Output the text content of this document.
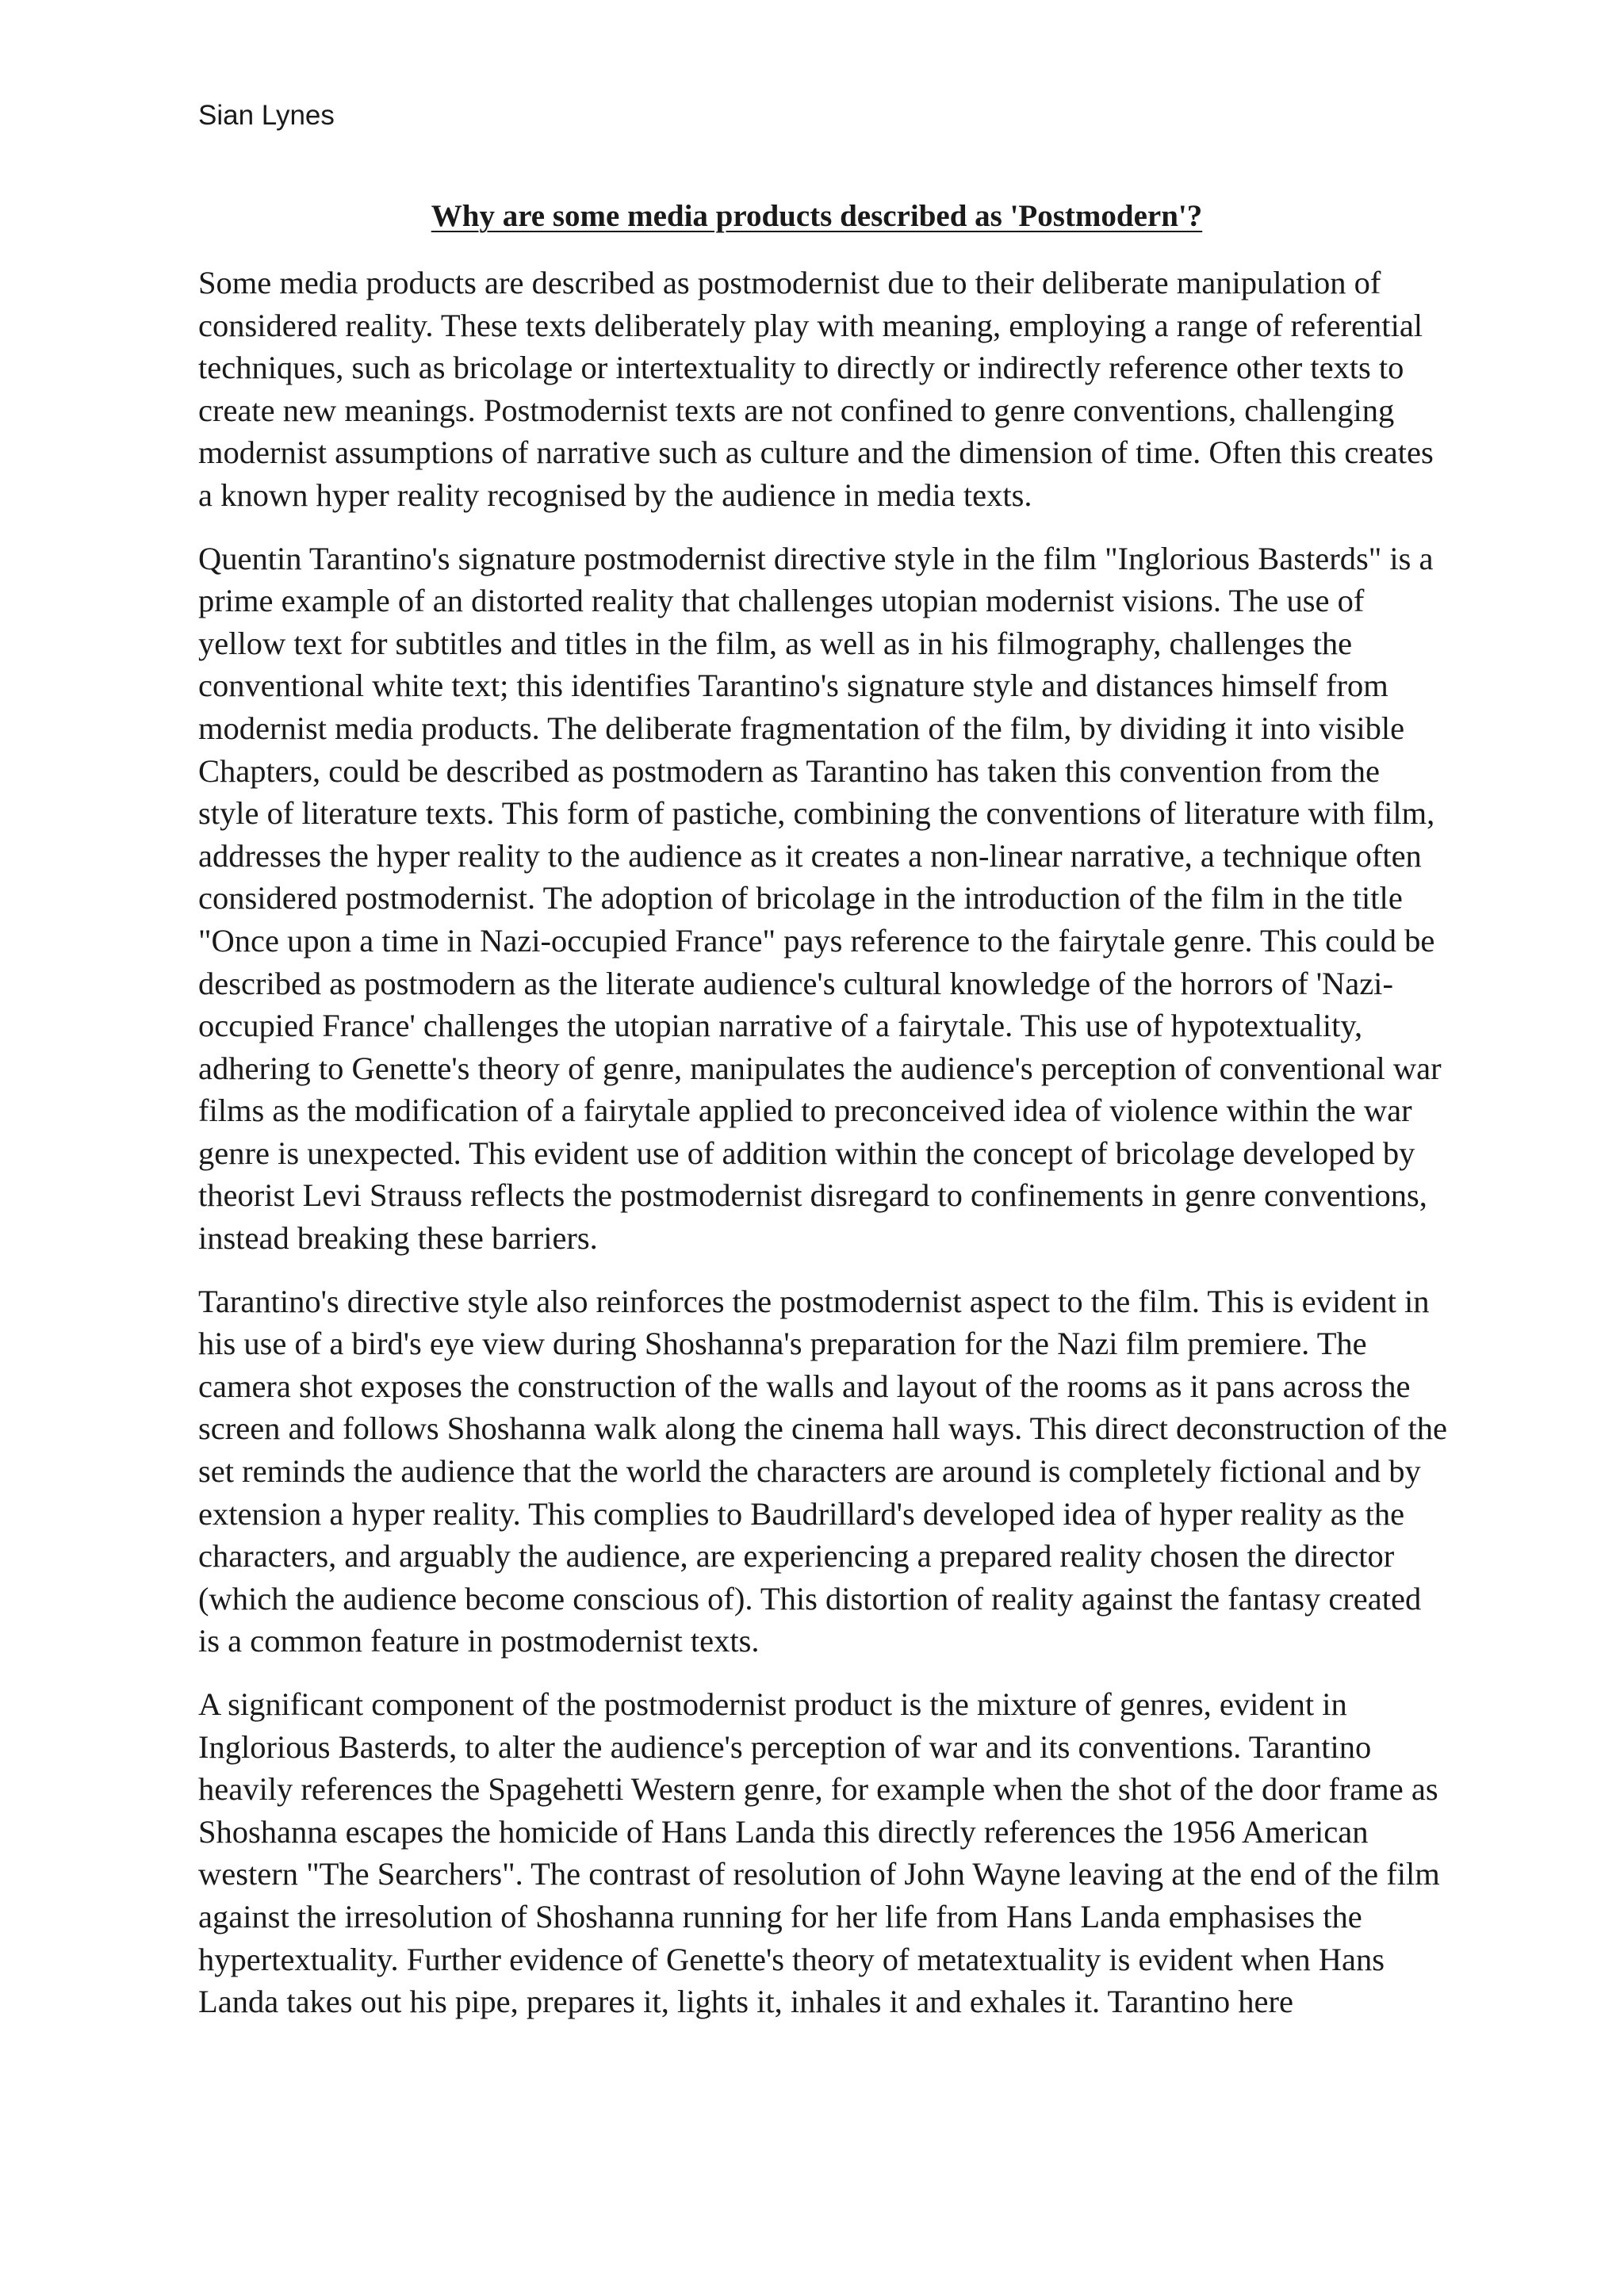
Sian Lynes

Why are some media products described as 'Postmodern'?

Some media products are described as postmodernist due to their deliberate manipulation of considered reality. These texts deliberately play with meaning, employing a range of referential techniques, such as bricolage or intertextuality to directly or indirectly reference other texts to create new meanings. Postmodernist texts are not confined to genre conventions, challenging modernist assumptions of narrative such as culture and the dimension of time. Often this creates a known hyper reality recognised by the audience in media texts.

Quentin Tarantino's signature postmodernist directive style in the film "Inglorious Basterds" is a prime example of an distorted reality that challenges utopian modernist visions. The use of yellow text for subtitles and titles in the film, as well as in his filmography, challenges the conventional white text; this identifies Tarantino's signature style and distances himself from modernist media products. The deliberate fragmentation of the film, by dividing it into visible Chapters, could be described as postmodern as Tarantino has taken this convention from the style of literature texts. This form of pastiche, combining the conventions of literature with film, addresses the hyper reality to the audience as it creates a non-linear narrative, a technique often considered postmodernist. The adoption of bricolage in the introduction of the film in the title "Once upon a time in Nazi-occupied France" pays reference to the fairytale genre. This could be described as postmodern as the literate audience's cultural knowledge of the horrors of 'Nazi-occupied France' challenges the utopian narrative of a fairytale. This use of hypotextuality, adhering to Genette's theory of genre, manipulates the audience's perception of conventional war films as the modification of a fairytale applied to preconceived idea of violence within the war genre is unexpected. This evident use of addition within the concept of bricolage developed by theorist Levi Strauss reflects the postmodernist disregard to confinements in genre conventions, instead breaking these barriers.

Tarantino's directive style also reinforces the postmodernist aspect to the film. This is evident in his use of a bird's eye view during Shoshanna's preparation for the Nazi film premiere. The camera shot exposes the construction of the walls and layout of the rooms as it pans across the screen and follows Shoshanna walk along the cinema hall ways. This direct deconstruction of the set reminds the audience that the world the characters are around is completely fictional and by extension a hyper reality. This complies to Baudrillard's developed idea of hyper reality as the characters, and arguably the audience, are experiencing a prepared reality chosen the director (which the audience become conscious of). This distortion of reality against the fantasy created is a common feature in postmodernist texts.

A significant component of the postmodernist product is the mixture of genres, evident in Inglorious Basterds, to alter the audience's perception of war and its conventions. Tarantino heavily references the Spagehetti Western genre, for example when the shot of the door frame as Shoshanna escapes the homicide of Hans Landa this directly references the 1956 American western "The Searchers". The contrast of resolution of John Wayne leaving at the end of the film against the irresolution of Shoshanna running for her life from Hans Landa emphasises the hypertextuality. Further evidence of Genette's theory of metatextuality is evident when Hans Landa takes out his pipe, prepares it, lights it, inhales it and exhales it. Tarantino here
